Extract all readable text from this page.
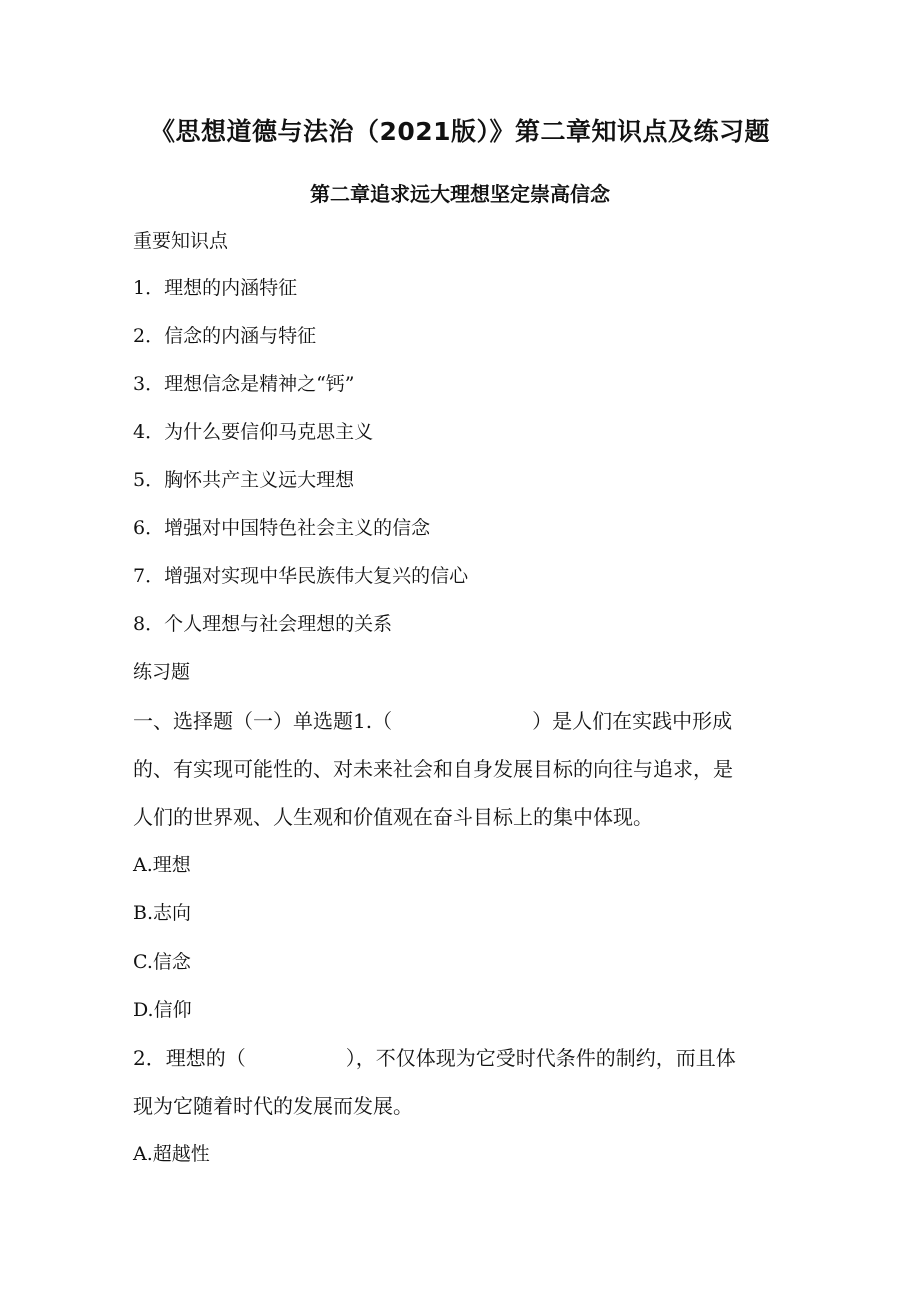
《思想道德与法治（2021版）》第二章知识点及练习题
第二章追求远大理想坚定崇高信念
重要知识点
1．理想的内涵特征
2．信念的内涵与特征
3．理想信念是精神之“钙”
4．为什么要信仰马克思主义
5．胸怀共产主义远大理想
6．增强对中国特色社会主义的信念
7．增强对实现中华民族伟大复兴的信心
8．个人理想与社会理想的关系
练习题
一、选择题（一）单选题1.（　　　　　　　）是人们在实践中形成
的、有实现可能性的、对未来社会和自身发展目标的向往与追求，是
人们的世界观、人生观和价值观在奋斗目标上的集中体现。
A.理想
B.志向
C.信念
D.信仰
2．理想的（　　　　　），不仅体现为它受时代条件的制约，而且体
现为它随着时代的发展而发展。
A.超越性
